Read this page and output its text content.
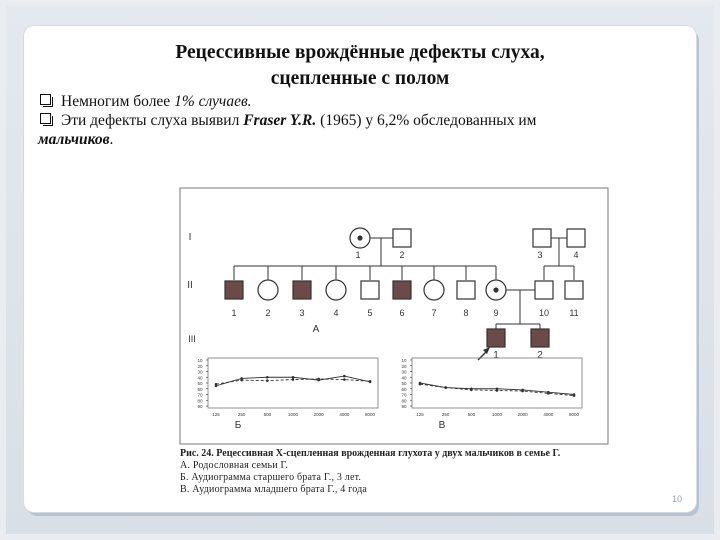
Рецессивные врождённые дефекты слуха,
сцепленные с полом
Немногим более 1% случаев.
Эти дефекты слуха выявил Fraser Y.R. (1965) у 6,2% обследованных им
мальчиков.
I
II
III
1	2	3	4
1	2	3	4	5	6	7	8	9	10 11
А
1	2
10
20
30
40
50
60
70
80
90
125	250	500	1000	2000	4000	8000
Б
10
20
30
40
50
60
70
80
90
125	250	500	1000	2000	4000	8000
В
Рис. 24. Рецессивная Х-сцепленная врожденная глухота у двух мальчиков в семье Г.
А. Родословная семьи Г.
Б. Аудиограмма старшего брата Г., 3 лет.
В. Аудиограмма младшего брата Г., 4 года
10
